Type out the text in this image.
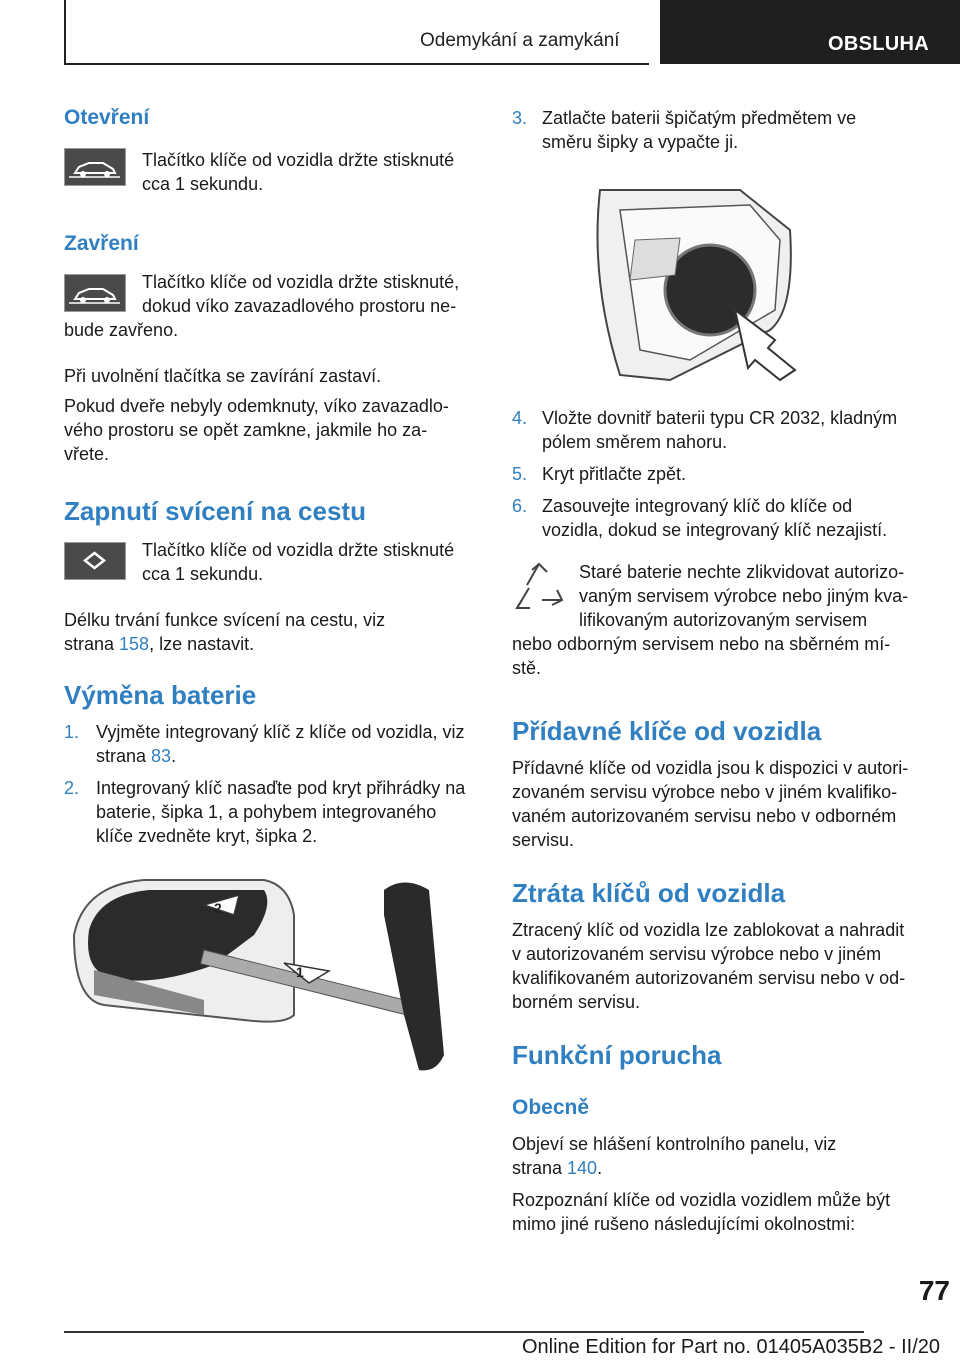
Odemykání a zamykání	OBSLUHA
Otevření
Tlačítko klíče od vozidla držte stisknuté
cca 1 sekundu.
Zavření
Tlačítko klíče od vozidla držte stisknuté,
dokud víko zavazadlového prostoru ne-
bude zavřeno.
Při uvolnění tlačítka se zavírání zastaví.
Pokud dveře nebyly odemknuty, víko zavazadlo-
vého prostoru se opět zamkne, jakmile ho za-
vřete.
Zapnutí svícení na cestu
Tlačítko klíče od vozidla držte stisknuté
cca 1 sekundu.
Délku trvání funkce svícení na cestu, viz
strana 158, lze nastavit.
Výměna baterie
1. Vyjměte integrovaný klíč z klíče od vozidla, viz
strana 83.
2. Integrovaný klíč nasaďte pod kryt přihrádky na
baterie, šipka 1, a pohybem integrovaného
klíče zvedněte kryt, šipka 2.
2
1
3. Zatlačte baterii špičatým předmětem ve
směru šipky a vypačte ji.
4. Vložte dovnitř baterii typu CR 2032, kladným
pólem směrem nahoru.
5. Kryt přitlačte zpět.
6. Zasouvejte integrovaný klíč do klíče od
vozidla, dokud se integrovaný klíč nezajistí.
Staré baterie nechte zlikvidovat autorizo-
vaným servisem výrobce nebo jiným kva-
lifikovaným autorizovaným servisem
nebo odborným servisem nebo na sběrném mí-
stě.
Přídavné klíče od vozidla
Přídavné klíče od vozidla jsou k dispozici v autori-
zovaném servisu výrobce nebo v jiném kvalifiko-
vaném autorizovaném servisu nebo v odborném
servisu.
Ztráta klíčů od vozidla
Ztracený klíč od vozidla lze zablokovat a nahradit
v autorizovaném servisu výrobce nebo v jiném
kvalifikovaném autorizovaném servisu nebo v od-
borném servisu.
Funkční porucha
Obecně
Objeví se hlášení kontrolního panelu, viz
strana 140.
Rozpoznání klíče od vozidla vozidlem může být
mimo jiné rušeno následujícími okolnostmi:
77
Online Edition for Part no. 01405A035B2 - II/20
